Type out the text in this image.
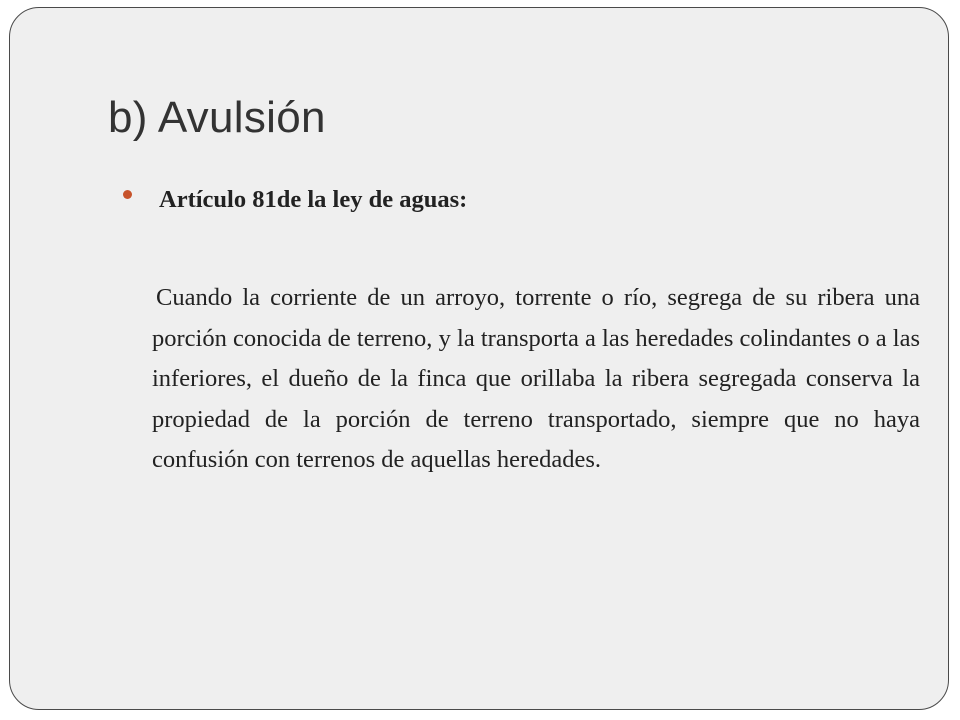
b) Avulsión

Artículo 81de la ley de aguas:

Cuando la corriente de un arroyo, torrente o río, segrega de su ribera una porción conocida de terreno, y la transporta a las heredades colindantes o a las inferiores, el dueño de la finca que orillaba la ribera segregada conserva la propiedad de la porción de terreno transportado, siempre que no haya confusión con terrenos de aquellas heredades.
